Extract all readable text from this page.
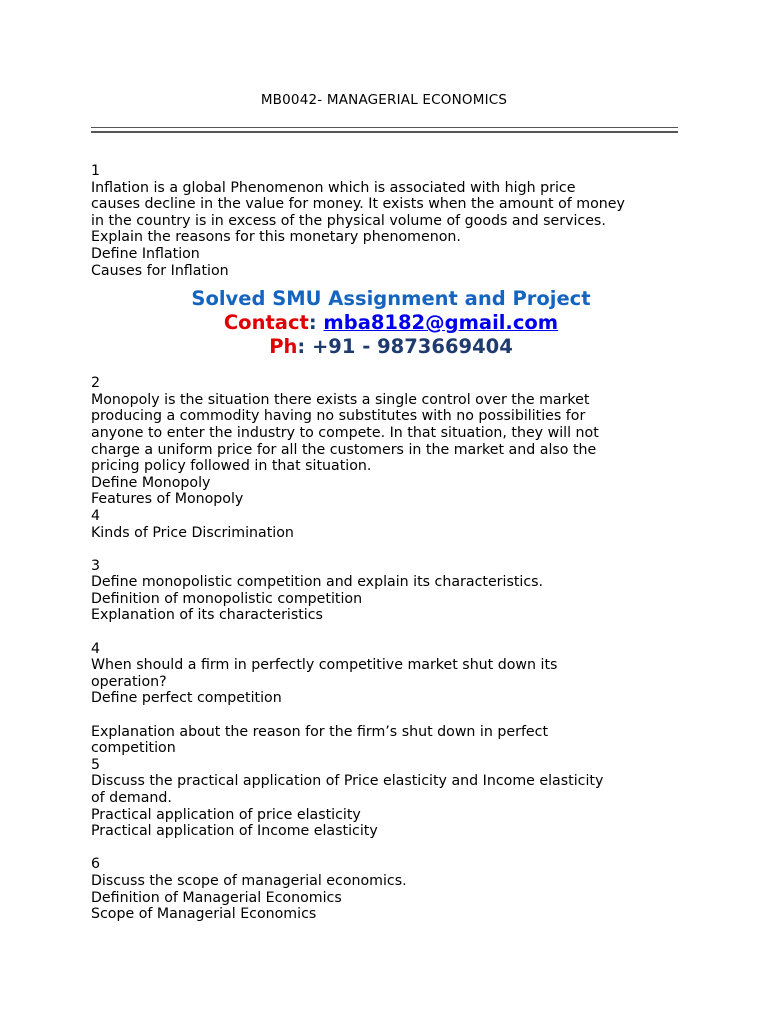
MB0042- MANAGERIAL ECONOMICS
1
Inflation is a global Phenomenon which is associated with high price
causes decline in the value for money. It exists when the amount of money
in the country is in excess of the physical volume of goods and services.
Explain the reasons for this monetary phenomenon.
Define Inflation
Causes for Inflation
Solved SMU Assignment and Project
Contact: mba8182@gmail.com
Ph: +91 - 9873669404
2
Monopoly is the situation there exists a single control over the market
producing a commodity having no substitutes with no possibilities for
anyone to enter the industry to compete. In that situation, they will not
charge a uniform price for all the customers in the market and also the
pricing policy followed in that situation.
Define Monopoly
Features of Monopoly
4
Kinds of Price Discrimination
3
Define monopolistic competition and explain its characteristics.
Definition of monopolistic competition
Explanation of its characteristics
4
When should a firm in perfectly competitive market shut down its
operation?
Define perfect competition
Explanation about the reason for the firm’s shut down in perfect
competition
5
Discuss the practical application of Price elasticity and Income elasticity
of demand.
Practical application of price elasticity
Practical application of Income elasticity
6
Discuss the scope of managerial economics.
Definition of Managerial Economics
Scope of Managerial Economics
